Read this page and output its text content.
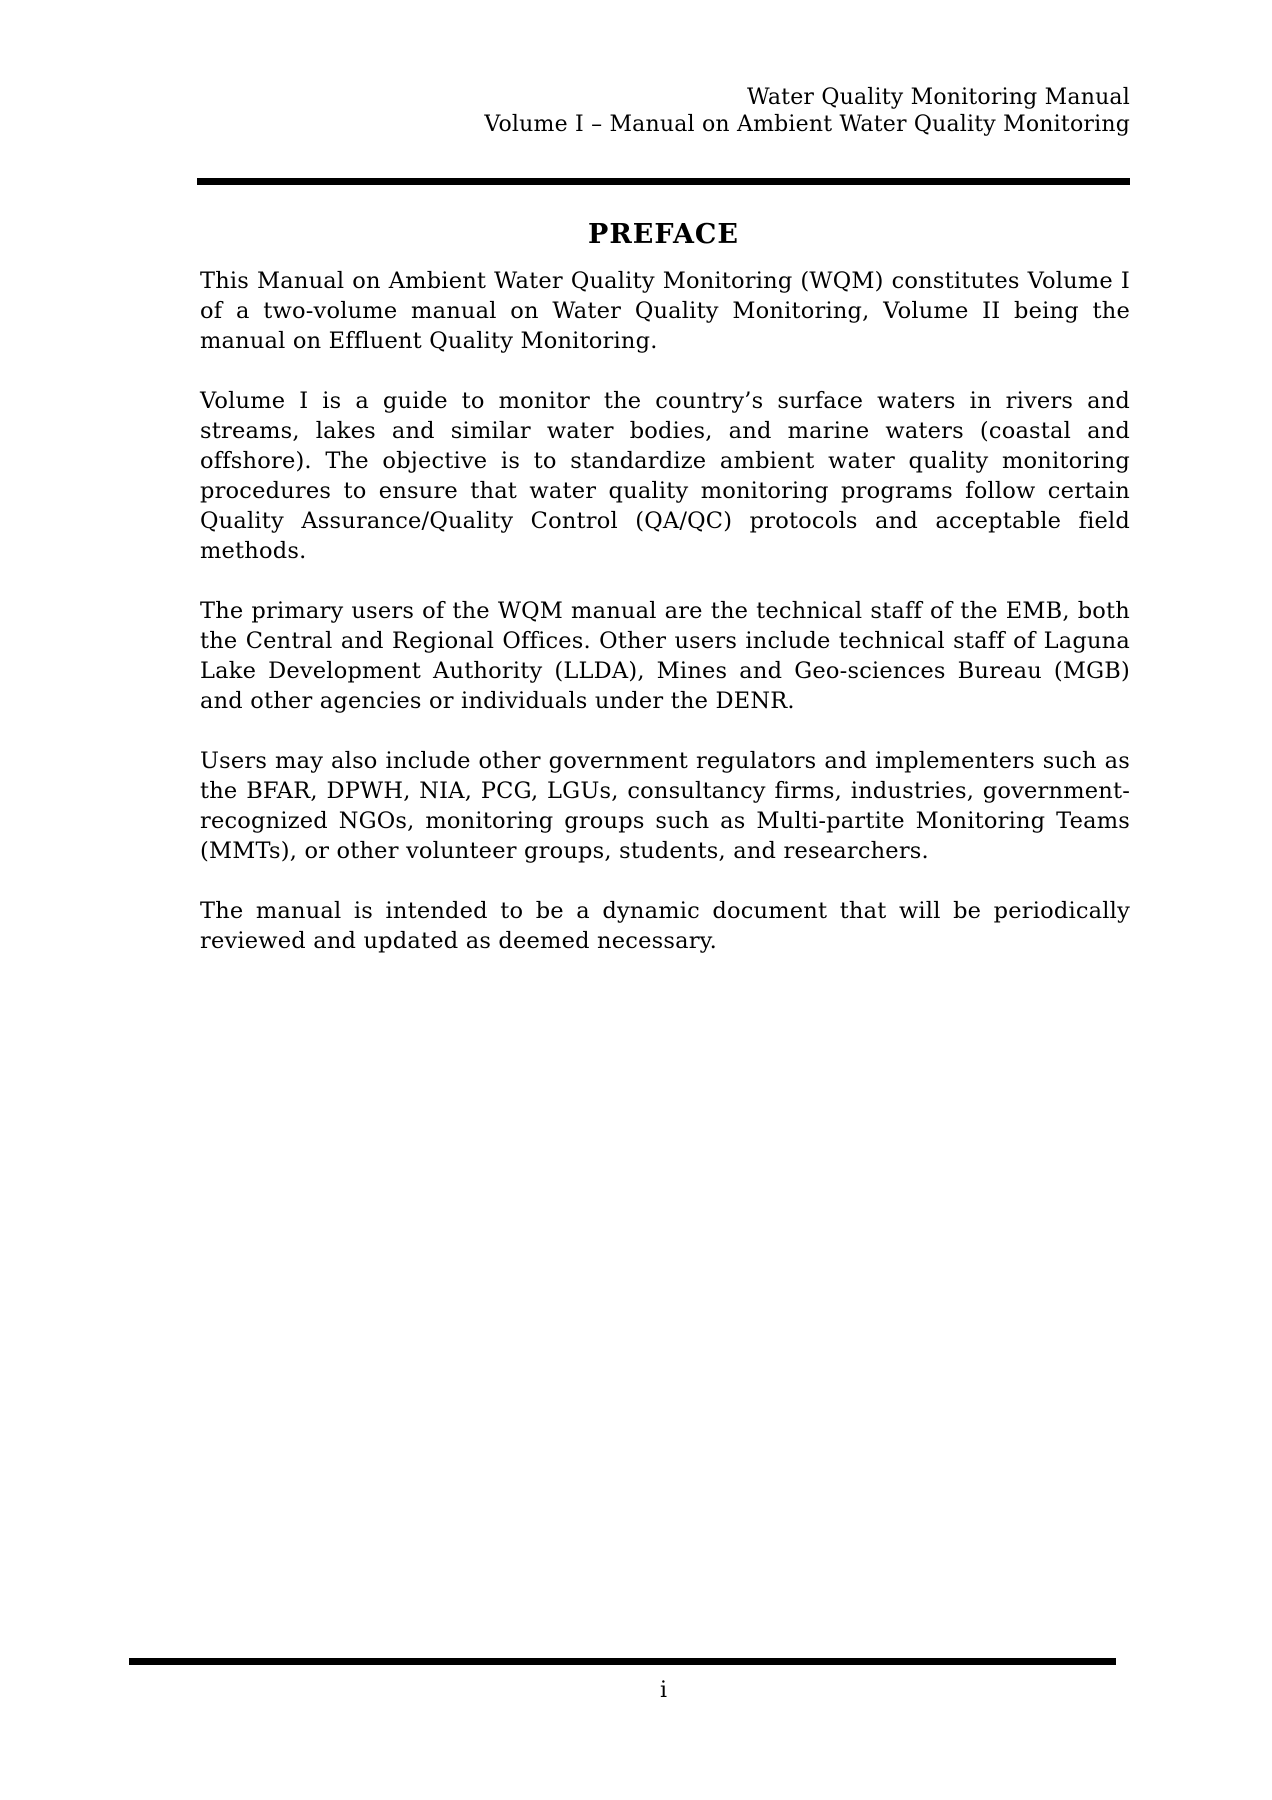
Water Quality Monitoring Manual
Volume I – Manual on Ambient Water Quality Monitoring
PREFACE

This Manual on Ambient Water Quality Monitoring (WQM) constitutes Volume I of a two-volume manual on Water Quality Monitoring, Volume II being the manual on Effluent Quality Monitoring.

Volume I is a guide to monitor the country’s surface waters in rivers and streams, lakes and similar water bodies, and marine waters (coastal and offshore). The objective is to standardize ambient water quality monitoring procedures to ensure that water quality monitoring programs follow certain Quality Assurance/Quality Control (QA/QC) protocols and acceptable field methods.

The primary users of the WQM manual are the technical staff of the EMB, both the Central and Regional Offices. Other users include technical staff of Laguna Lake Development Authority (LLDA), Mines and Geo-sciences Bureau (MGB) and other agencies or individuals under the DENR.

Users may also include other government regulators and implementers such as the BFAR, DPWH, NIA, PCG, LGUs, consultancy firms, industries, government-recognized NGOs, monitoring groups such as Multi-partite Monitoring Teams (MMTs), or other volunteer groups, students, and researchers.

The manual is intended to be a dynamic document that will be periodically reviewed and updated as deemed necessary.

i
